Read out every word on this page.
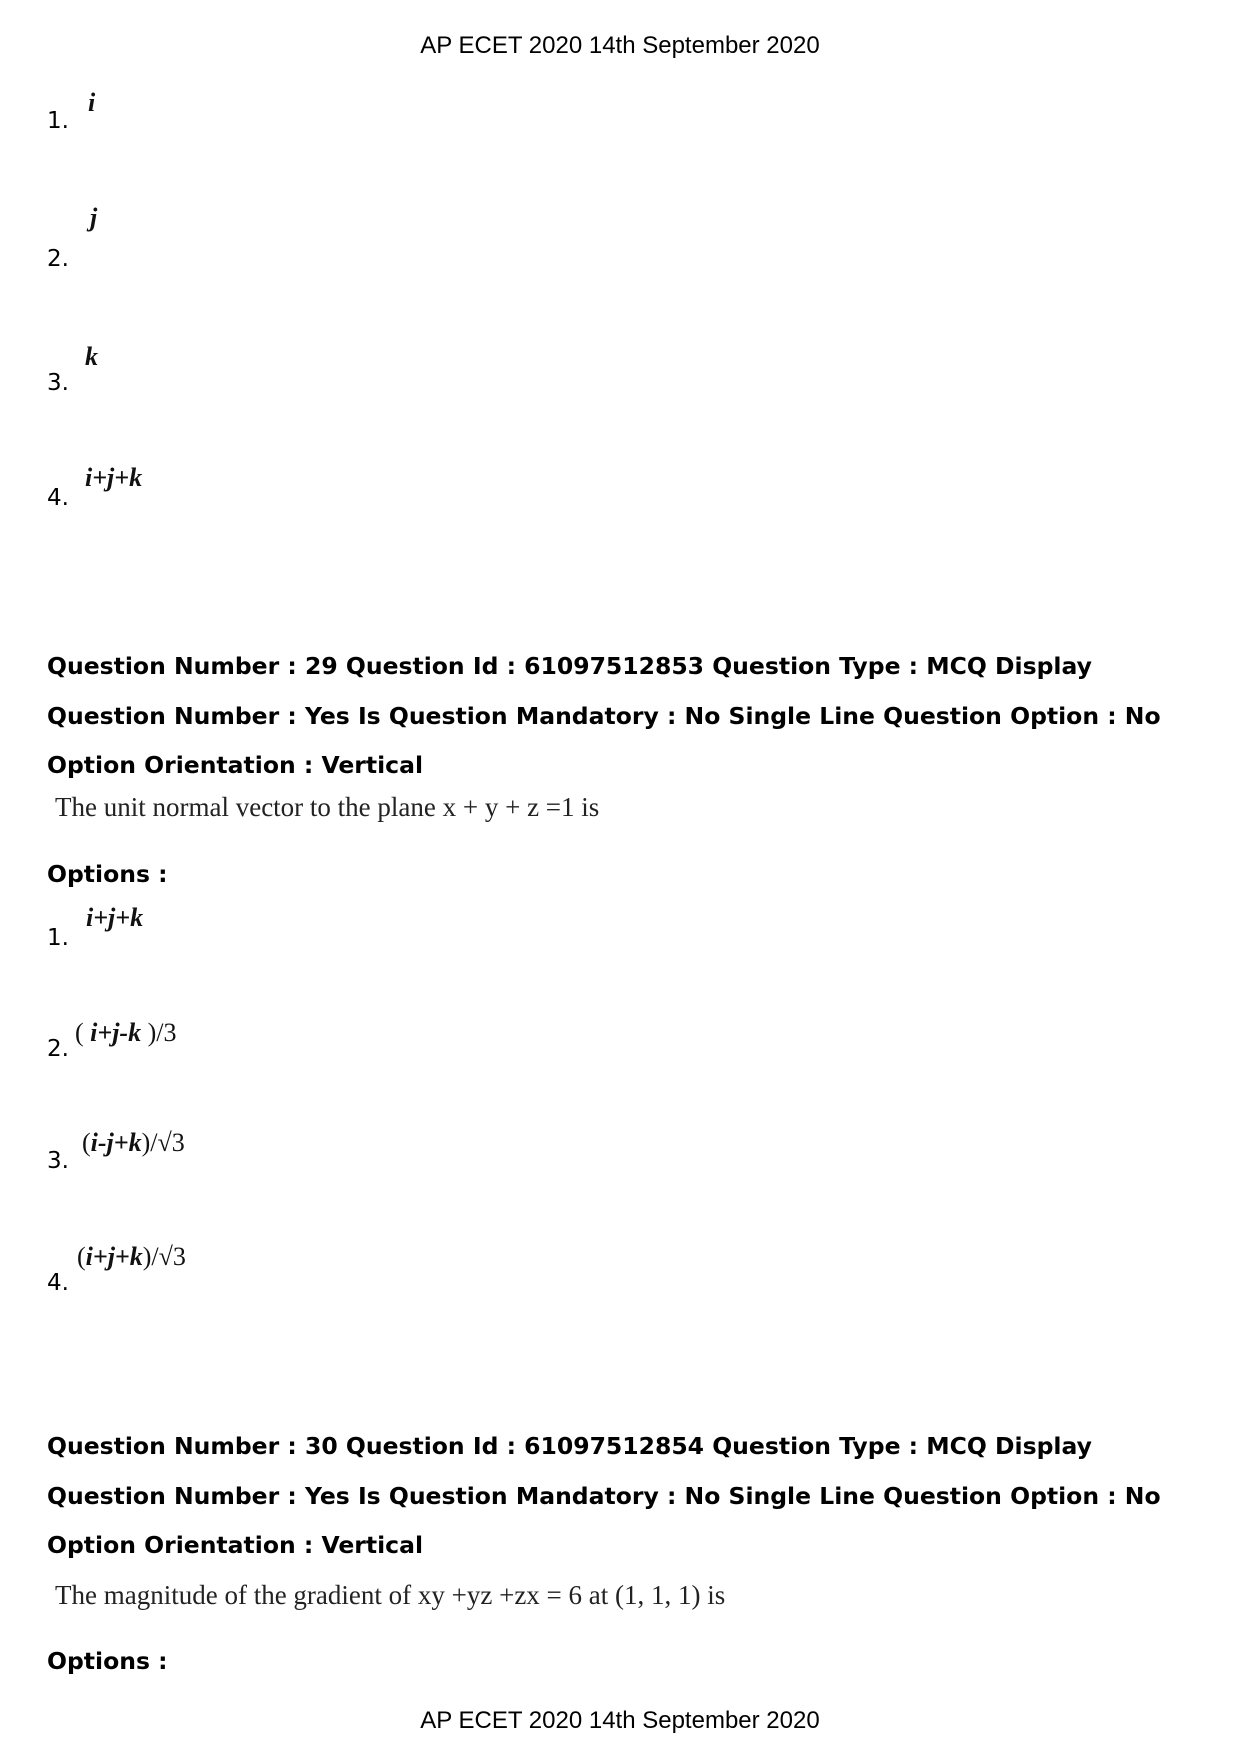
AP ECET 2020 14th September 2020
1.
i
2.
j
3.
k
4.
i+j+k
Question Number : 29 Question Id : 61097512853 Question Type : MCQ Display Question Number : Yes Is Question Mandatory : No Single Line Question Option : No Option Orientation : Vertical
The unit normal vector to the plane x + y + z =1 is
Options :
1.
i+j+k
2.
( i+j-k )/3
3.
(i-j+k)/√3
4.
(i+j+k)/√3
Question Number : 30 Question Id : 61097512854 Question Type : MCQ Display Question Number : Yes Is Question Mandatory : No Single Line Question Option : No Option Orientation : Vertical
The magnitude of the gradient of xy +yz +zx = 6 at (1, 1, 1) is
Options :
AP ECET 2020 14th September 2020
